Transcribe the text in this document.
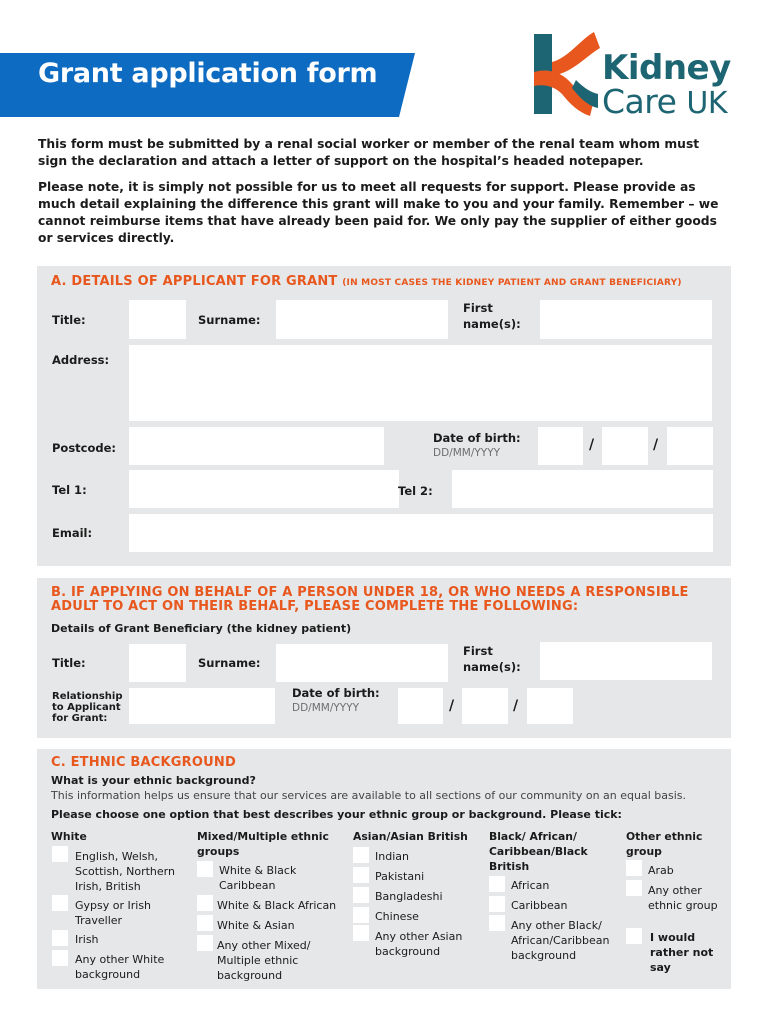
Grant application form	Kidney
Care UK
This form must be submitted by a renal social worker or member of the renal team whom must sign the declaration and attach a letter of support on the hospital’s headed notepaper.
Please note, it is simply not possible for us to meet all requests for support. Please provide as much detail explaining the difference this grant will make to you and your family. Remember – we cannot reimburse items that have already been paid for. We only pay the supplier of either goods or services directly.
A. DETAILS OF APPLICANT FOR GRANT (IN MOST CASES THE KIDNEY PATIENT AND GRANT BENEFICIARY)
Title:	Surname:
First
name(s):
Address:
Postcode:
Date of birth:
DD/MM/YYYY	/	/
Tel 1:	Tel 2:
Email:
B. IF APPLYING ON BEHALF OF A PERSON UNDER 18, OR WHO NEEDS A RESPONSIBLE
ADULT TO ACT ON THEIR BEHALF, PLEASE COMPLETE THE FOLLOWING:
Details of Grant Beneficiary (the kidney patient)
Title:	Surname:
First
name(s):
Relationship
to Applicant
for Grant:
Date of birth:
DD/MM/YYYY	/	/
C. ETHNIC BACKGROUND
What is your ethnic background?
This information helps us ensure that our services are available to all sections of our community on an equal basis.
Please choose one option that best describes your ethnic group or background. Please tick:
White
English, Welsh, Scottish, Northern Irish, British
Gypsy or Irish Traveller
Irish
Any other White background
Mixed/Multiple ethnic groups
White & Black Caribbean
White & Black African
White & Asian
Any other Mixed/ Multiple ethnic background
Asian/Asian British
Indian
Pakistani
Bangladeshi
Chinese
Any other Asian background
Black/ African/ Caribbean/Black British
African
Caribbean
Any other Black/ African/Caribbean background
Other ethnic group
Arab
Any other ethnic group
I would rather not say
